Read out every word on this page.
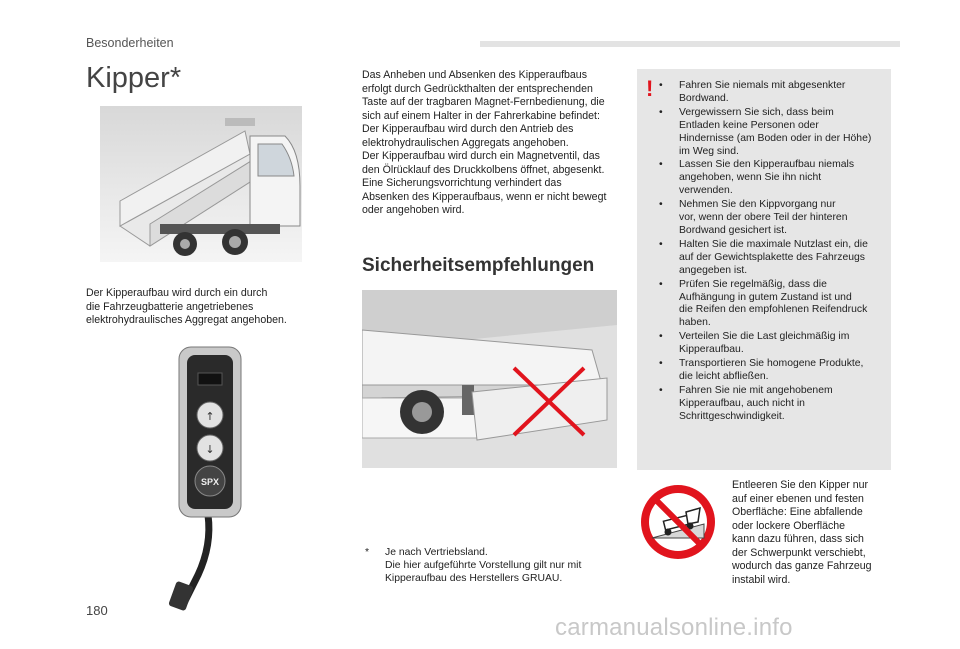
Besonderheiten
Kipper*

Der Kipperaufbau wird durch ein durch

die Fahrzeugbatterie angetriebenes

elektrohydraulisches Aggregat angehoben.

↑
↓
SPX

Das Anheben und Absenken des Kipperaufbaus

erfolgt durch Gedrückthalten der entsprechenden

Taste auf der tragbaren Magnet-Fernbedienung, die

sich auf einem Halter in der Fahrerkabine befindet:

Der Kipperaufbau wird durch den Antrieb des

elektrohydraulischen Aggregats angehoben.

Der Kipperaufbau wird durch ein Magnetventil, das

den Ölrücklauf des Druckkolbens öffnet, abgesenkt.

Eine Sicherungsvorrichtung verhindert das

Absenken des Kipperaufbaus, wenn er nicht bewegt

oder angehoben wird.

Sicherheitsempfehlungen
!
• Fahren Sie niemals mit abgesenkter
Bordwand.
• Vergewissern Sie sich, dass beim
Entladen keine Personen oder
Hindernisse (am Boden oder in der Höhe)
im Weg sind.
• Lassen Sie den Kipperaufbau niemals
angehoben, wenn Sie ihn nicht
verwenden.
• Nehmen Sie den Kippvorgang nur
vor, wenn der obere Teil der hinteren
Bordwand gesichert ist.
• Halten Sie die maximale Nutzlast ein, die
auf der Gewichtsplakette des Fahrzeugs
angegeben ist.
• Prüfen Sie regelmäßig, dass die
Aufhängung in gutem Zustand ist und
die Reifen den empfohlenen Reifendruck
haben.
• Verteilen Sie die Last gleichmäßig im
Kipperaufbau.
• Transportieren Sie homogene Produkte,
die leicht abfließen.
• Fahren Sie nie mit angehobenem
Kipperaufbau, auch nicht in
Schrittgeschwindigkeit.

Entleeren Sie den Kipper nur

auf einer ebenen und festen

Oberfläche: Eine abfallende

oder lockere Oberfläche

kann dazu führen, dass sich

der Schwerpunkt verschiebt,

wodurch das ganze Fahrzeug

instabil wird.

* Je nach Vertriebsland.
Die hier aufgeführte Vorstellung gilt nur mit
Kipperaufbau des Herstellers GRUAU.
180
carmanualsonline.info
